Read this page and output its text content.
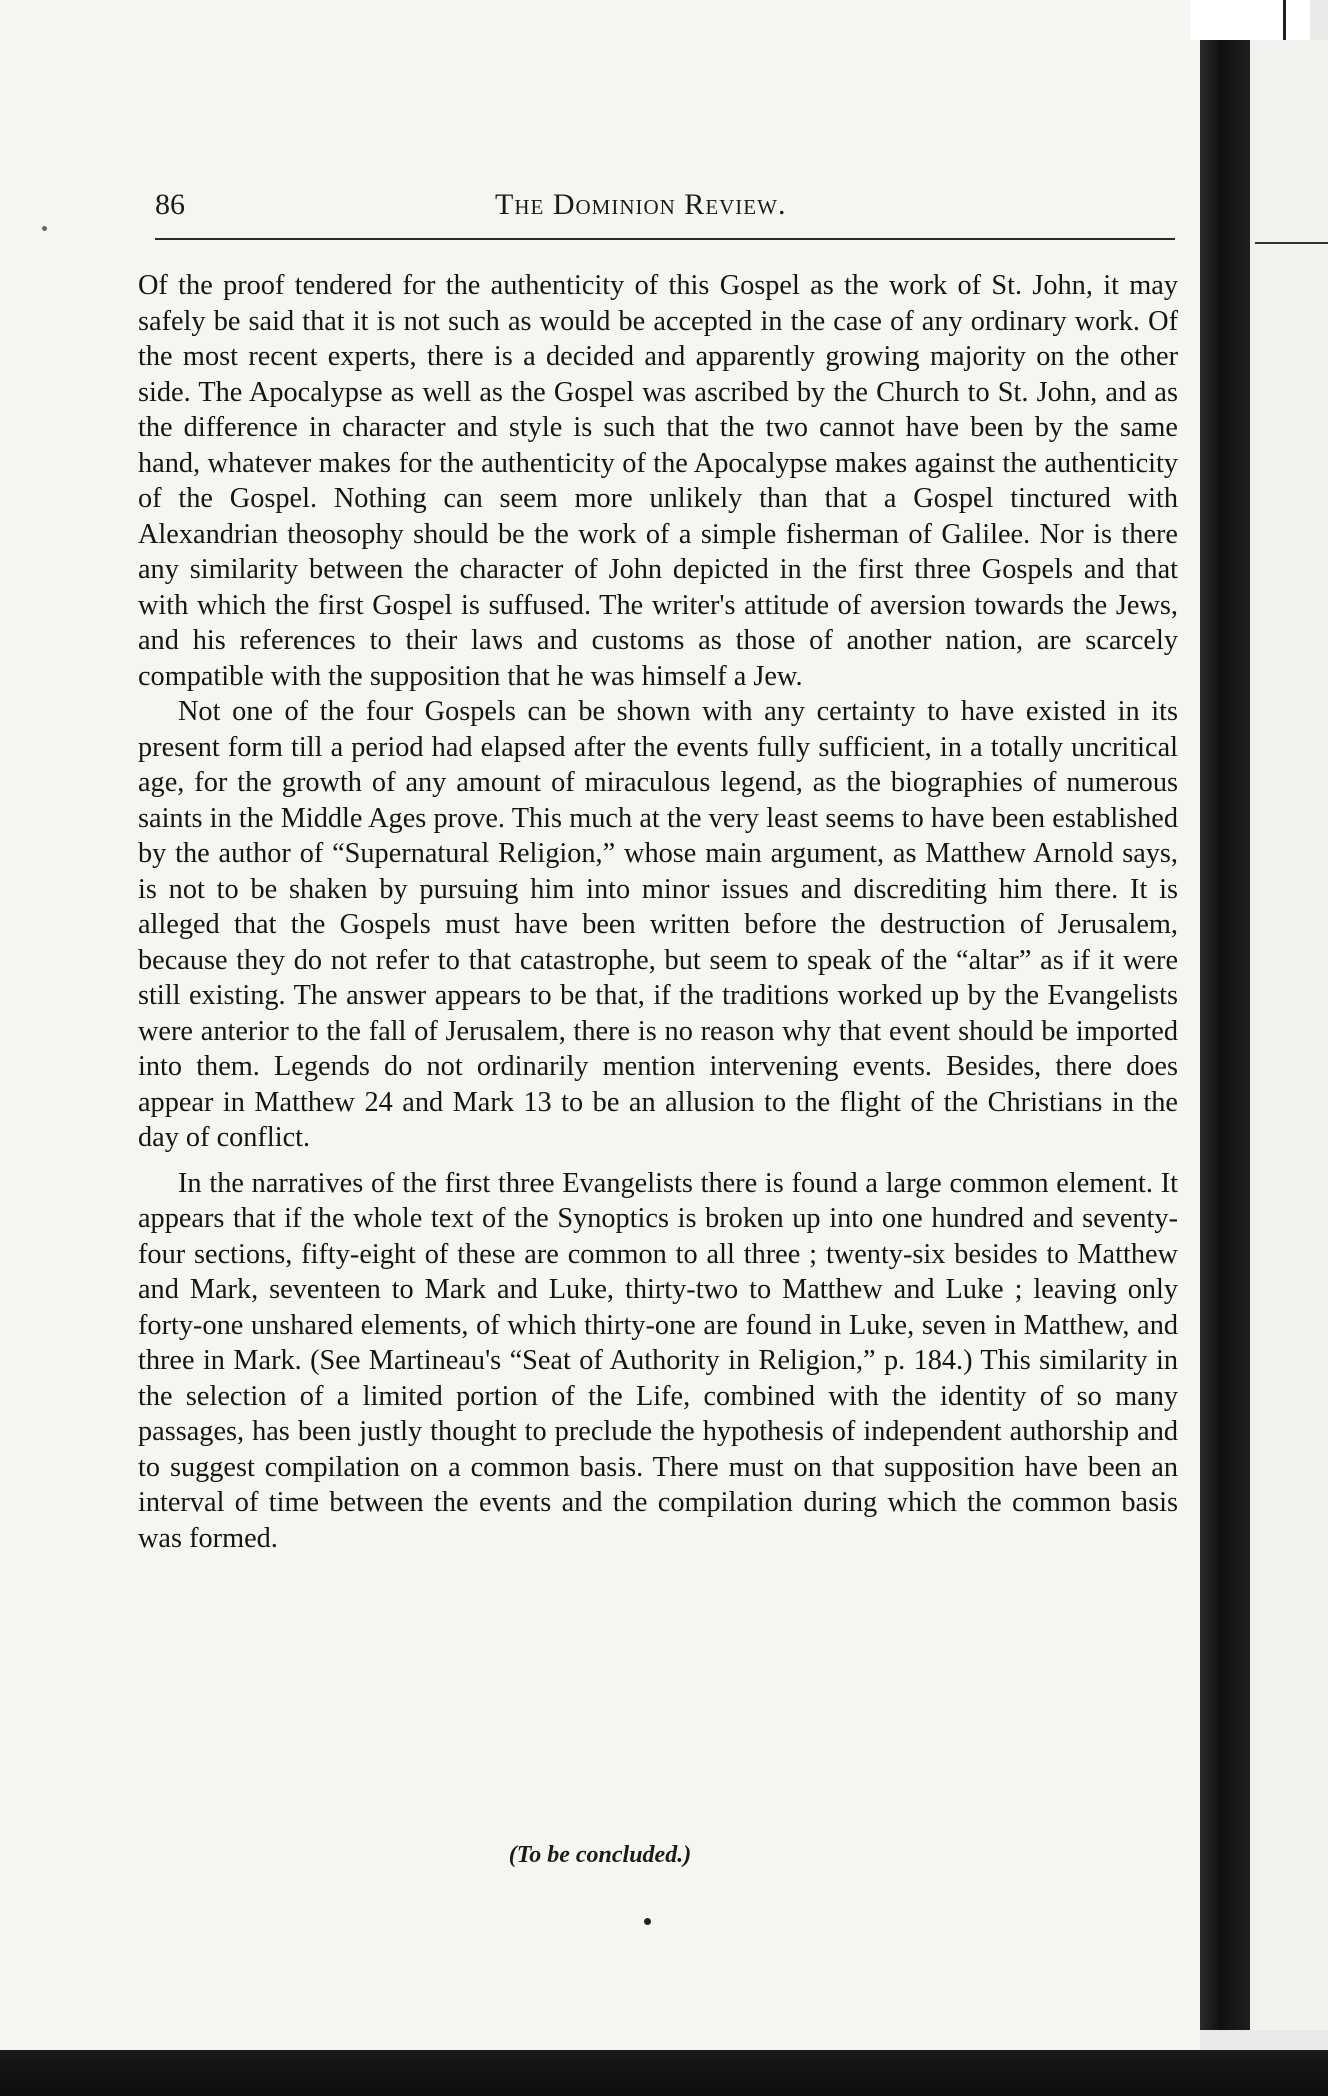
86	The Dominion Review.

Of the proof tendered for the authenticity of this Gospel as the work of St. John, it may safely be said that it is not such as would be accepted in the case of any ordinary work. Of the most recent experts, there is a decided and apparently growing majority on the other side. The Apocalypse as well as the Gospel was ascribed by the Church to St. John, and as the difference in character and style is such that the two cannot have been by the same hand, whatever makes for the authenticity of the Apocalypse makes against the authenticity of the Gospel. Nothing can seem more unlikely than that a Gospel tinctured with Alexandrian theosophy should be the work of a simple fisherman of Galilee. Nor is there any similarity between the character of John depicted in the first three Gospels and that with which the first Gospel is suffused. The writer's attitude of aversion towards the Jews, and his references to their laws and customs as those of another nation, are scarcely compatible with the supposition that he was himself a Jew.

Not one of the four Gospels can be shown with any certainty to have existed in its present form till a period had elapsed after the events fully sufficient, in a totally uncritical age, for the growth of any amount of miraculous legend, as the biographies of numerous saints in the Middle Ages prove. This much at the very least seems to have been established by the author of “Supernatural Religion,” whose main argument, as Matthew Arnold says, is not to be shaken by pursuing him into minor issues and discrediting him there. It is alleged that the Gospels must have been written before the destruction of Jerusalem, because they do not refer to that catastrophe, but seem to speak of the “altar” as if it were still existing. The answer appears to be that, if the traditions worked up by the Evangelists were anterior to the fall of Jerusalem, there is no reason why that event should be imported into them. Legends do not ordinarily mention intervening events. Besides, there does appear in Matthew 24 and Mark 13 to be an allusion to the flight of the Christians in the day of conflict.

In the narratives of the first three Evangelists there is found a large common element. It appears that if the whole text of the Synoptics is broken up into one hundred and seventy-four sections, fifty-eight of these are common to all three ; twenty-six besides to Matthew and Mark, seventeen to Mark and Luke, thirty-two to Matthew and Luke ; leaving only forty-one unshared elements, of which thirty-one are found in Luke, seven in Matthew, and three in Mark. (See Martineau's “Seat of Authority in Religion,” p. 184.) This similarity in the selection of a limited portion of the Life, combined with the identity of so many passages, has been justly thought to preclude the hypothesis of independent authorship and to suggest compilation on a common basis. There must on that supposition have been an interval of time between the events and the compilation during which the common basis was formed.

(To be concluded.)
